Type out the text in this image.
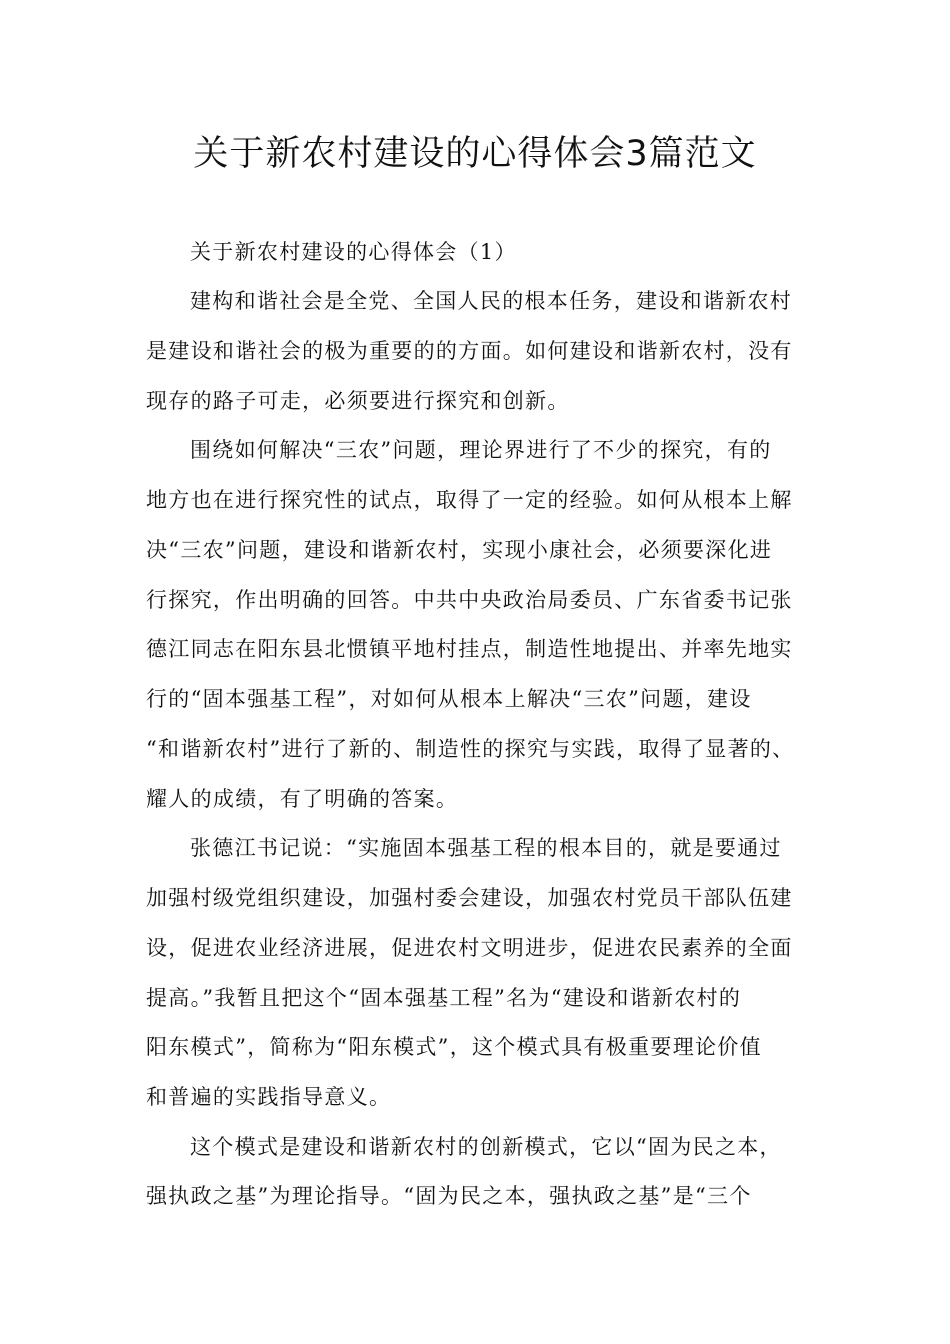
关于新农村建设的心得体会3篇范文
关于新农村建设的心得体会（1）
建构和谐社会是全党、全国人民的根本任务，建设和谐新农村
是建设和谐社会的极为重要的的方面。如何建设和谐新农村，没有
现存的路子可走，必须要进行探究和创新。
围绕如何解决“三农”问题，理论界进行了不少的探究，有的
地方也在进行探究性的试点，取得了一定的经验。如何从根本上解
决“三农”问题，建设和谐新农村，实现小康社会，必须要深化进
行探究，作出明确的回答。中共中央政治局委员、广东省委书记张
德江同志在阳东县北惯镇平地村挂点，制造性地提出、并率先地实
行的“固本强基工程”，对如何从根本上解决“三农”问题，建设
“和谐新农村”进行了新的、制造性的探究与实践，取得了显著的、
耀人的成绩，有了明确的答案。
张德江书记说：“实施固本强基工程的根本目的，就是要通过
加强村级党组织建设，加强村委会建设，加强农村党员干部队伍建
设，促进农业经济进展，促进农村文明进步，促进农民素养的全面
提高。”我暂且把这个“固本强基工程”名为“建设和谐新农村的
阳东模式”，简称为“阳东模式”，这个模式具有极重要理论价值
和普遍的实践指导意义。
这个模式是建设和谐新农村的创新模式，它以“固为民之本，
强执政之基”为理论指导。“固为民之本，强执政之基”是“三个
